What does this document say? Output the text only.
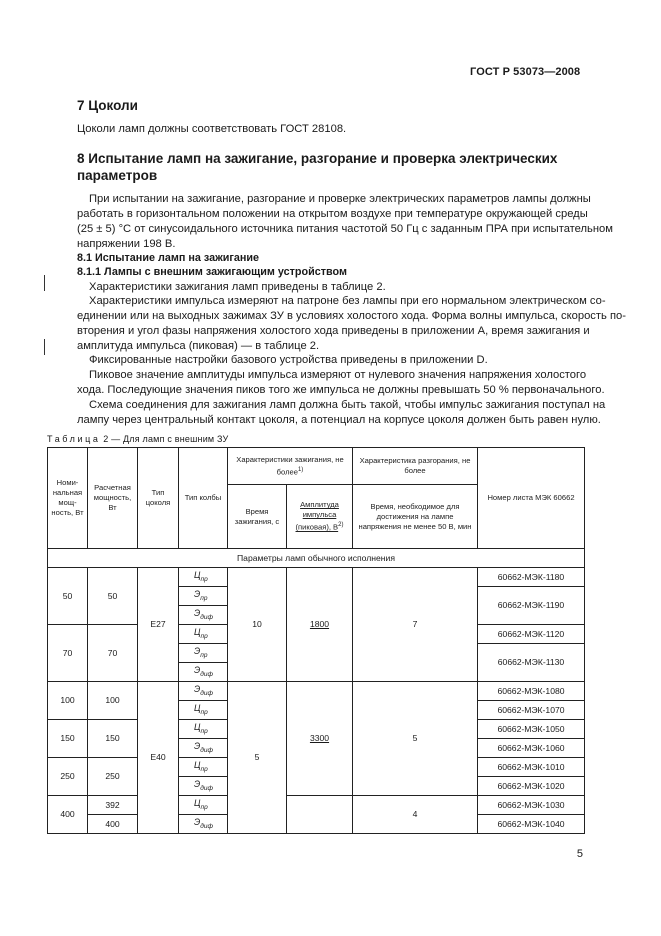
ГОСТ Р 53073—2008
7 Цоколи
Цоколи ламп должны соответствовать ГОСТ 28108.
8 Испытание ламп на зажигание, разгорание и проверка электрических
параметров
При испытании на зажигание, разгорание и проверке электрических параметров лампы должны
работать в горизонтальном положении на открытом воздухе при температуре окружающей среды
(25 ± 5) °С от синусоидального источника питания частотой 50 Гц с заданным ПРА при испытательном
напряжении 198 В.
8.1 Испытание ламп на зажигание
8.1.1 Лампы с внешним зажигающим устройством
Характеристики зажигания ламп приведены в таблице 2.
Характеристики импульса измеряют на патроне без лампы при его нормальном электрическом со-
единении или на выходных зажимах ЗУ в условиях холостого хода. Форма волны импульса, скорость по-
вторения и угол фазы напряжения холостого хода приведены в приложении А, время зажигания и
амплитуда импульса (пиковая) — в таблице 2.
Фиксированные настройки базового устройства приведены в приложении D.
Пиковое значение амплитуды импульса измеряют от нулевого значения напряжения холостого
хода. Последующие значения пиков того же импульса не должны превышать 50 % первоначального.
Схема соединения для зажигания ламп должна быть такой, чтобы импульс зажигания поступал на
лампу через центральный контакт цоколя, а потенциал на корпусе цоколя должен быть равен нулю.
Таблица 2 — Для ламп с внешним ЗУ
Номи-нальная мощ-ность, Вт	Расчетная мощность, Вт	Тип цоколя	Тип колбы	Характеристики зажигания, не более$^{1)}$		Характеристика разгорания, не более	Номер листа МЭК 60662
				Время зажигания, с	Амплитуда импульса (пиковая), $В^{2)}$	Время, необходимое для достижения на лампе напряжения не менее 50 В, мин	
Параметры ламп обычного исполнения							
50	50	E27	$Ц_{пр}$	10	1800	7	60662-МЭК-1180
			$Э_{пр}$				60662-МЭК-1190
			$Э_{диф}$
70	70		$Ц_{пр}$				60662-МЭК-1120
			$Э_{пр}$				60662-МЭК-1130
			$Э_{диф}$
100	100	E40	$Э_{диф}$	5	3300	5	60662-МЭК-1080
			$Ц_{пр}$				60662-МЭК-1070
150	150		$Ц_{пр}$				60662-МЭК-1050
			$Э_{диф}$				60662-МЭК-1060
250	250		$Ц_{пр}$				60662-МЭК-1010
			$Э_{диф}$				60662-МЭК-1020
400	392		$Ц_{пр}$			4	60662-МЭК-1030
	400		$Э_{диф}$				60662-МЭК-1040
5
